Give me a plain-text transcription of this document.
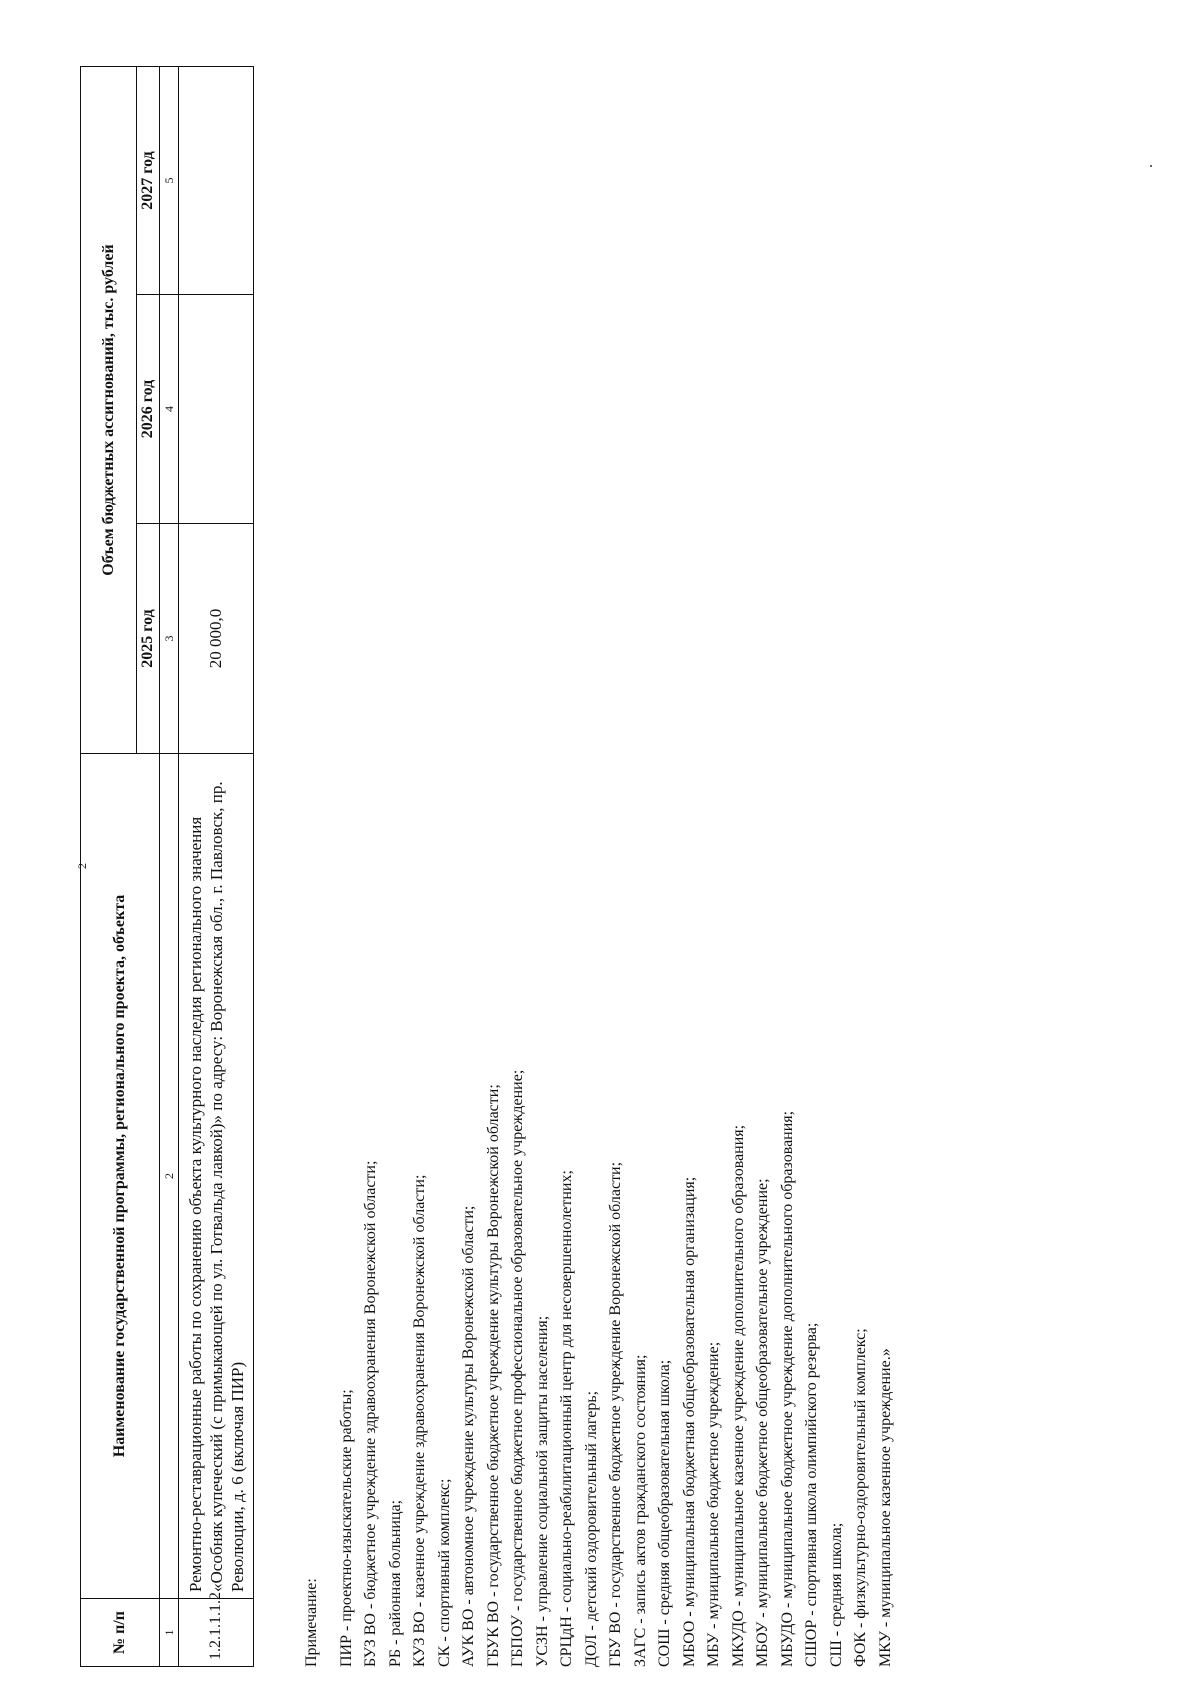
2
№ п/п	Наименование государственной программы, регионального проекта, объекта	Объем бюджетных ассигнований, тыс. рублей		
		2025 год	2026 год	2027 год
1	2	3	4	5
1.2.1.1.1.2	Ремонтно-реставрационные работы по сохранению объекта культурного наследия регионального значения «Особняк купеческий (с примыкающей по ул. Готвальда лавкой)» по адресу: Воронежская обл., г. Павловск, пр. Революции, д. 6 (включая ПИР)	20 000,0		
Примечание: ПИР - проектно-изыскательские работы; БУЗ ВО - бюджетное учреждение здравоохранения Воронежской области; РБ - районная больница; КУЗ ВО - казенное учреждение здравоохранения Воронежской области; СК - спортивный комплекс; АУК ВО - автономное учреждение культуры Воронежской области; ГБУК ВО - государственное бюджетное учреждение культуры Воронежской области; ГБПОУ - государственное бюджетное профессиональное образовательное учреждение; УСЗН - управление социальной защиты населения; СРЦдН - социально-реабилитационный центр для несовершеннолетних; ДОЛ - детский оздоровительный лагерь; ГБУ ВО - государственное бюджетное учреждение Воронежской области; ЗАГС - запись актов гражданского состояния; СОШ - средняя общеобразовательная школа; МБОО - муниципальная бюджетная общеобразовательная организация; МБУ - муниципальное бюджетное учреждение; МКУДО - муниципальное казенное учреждение дополнительного образования; МБОУ - муниципальное бюджетное общеобразовательное учреждение; МБУДО - муниципальное бюджетное учреждение дополнительного образования; СШОР - спортивная школа олимпийского резерва; СШ - средняя школа; ФОК - физкультурно-оздоровительный комплекс; МКУ - муниципальное казенное учреждение.»
